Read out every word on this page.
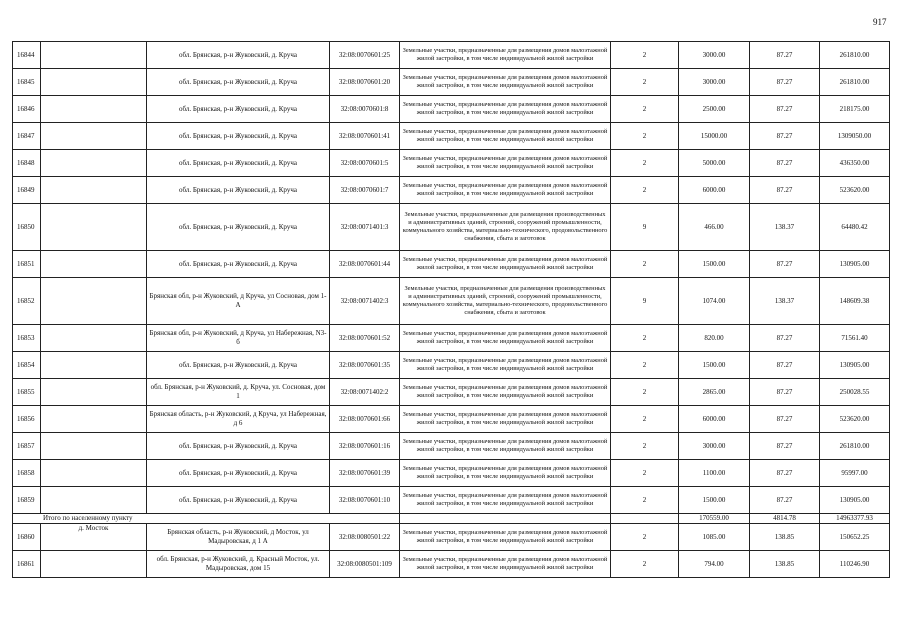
917
16844		обл. Брянская, р-н Жуковский, д. Круча	32:08:0070601:25	Земельные участки, предназначенные для размещения домов малоэтажной жилой застройки, в том числе индивидуальной жилой застройки	2	3000.00	87.27	261810.00
16845		обл. Брянская, р-н Жуковский, д. Круча	32:08:0070601:20	Земельные участки, предназначенные для размещения домов малоэтажной жилой застройки, в том числе индивидуальной жилой застройки	2	3000.00	87.27	261810.00
16846		обл. Брянская, р-н Жуковский, д. Круча	32:08:0070601:8	Земельные участки, предназначенные для размещения домов малоэтажной жилой застройки, в том числе индивидуальной жилой застройки	2	2500.00	87.27	218175.00
16847		обл. Брянская, р-н Жуковский, д. Круча	32:08:0070601:41	Земельные участки, предназначенные для размещения домов малоэтажной жилой застройки, в том числе индивидуальной жилой застройки	2	15000.00	87.27	1309050.00
16848		обл. Брянская, р-н Жуковский, д. Круча	32:08:0070601:5	Земельные участки, предназначенные для размещения домов малоэтажной жилой застройки, в том числе индивидуальной жилой застройки	2	5000.00	87.27	436350.00
16849		обл. Брянская, р-н Жуковский, д. Круча	32:08:0070601:7	Земельные участки, предназначенные для размещения домов малоэтажной жилой застройки, в том числе индивидуальной жилой застройки	2	6000.00	87.27	523620.00
16850		обл. Брянская, р-н Жуковский, д. Круча	32:08:0071401:3	Земельные участки, предназначенные для размещения производственных и административных зданий, строений, сооружений промышленности, коммунального хозяйства, материально-технического, продовольственного снабжения, сбыта и заготовок	9	466.00	138.37	64480.42
16851		обл. Брянская, р-н Жуковский, д. Круча	32:08:0070601:44	Земельные участки, предназначенные для размещения домов малоэтажной жилой застройки, в том числе индивидуальной жилой застройки	2	1500.00	87.27	130905.00
16852		Брянская обл, р-н Жуковский, д Круча, ул Сосновая, дом 1-А	32:08:0071402:3	Земельные участки, предназначенные для размещения производственных и административных зданий, строений, сооружений промышленности, коммунального хозяйства, материально-технического, продовольственного снабжения, сбыта и заготовок	9	1074.00	138.37	148609.38
16853		Брянская обл, р-н Жуковский, д Круча, ул Набережная, N3-б	32:08:0070601:52	Земельные участки, предназначенные для размещения домов малоэтажной жилой застройки, в том числе индивидуальной жилой застройки	2	820.00	87.27	71561.40
16854		обл. Брянская, р-н Жуковский, д. Круча	32:08:0070601:35	Земельные участки, предназначенные для размещения домов малоэтажной жилой застройки, в том числе индивидуальной жилой застройки	2	1500.00	87.27	130905.00
16855		обл. Брянская, р-н Жуковский, д. Круча, ул. Сосновая, дом 1	32:08:0071402:2	Земельные участки, предназначенные для размещения домов малоэтажной жилой застройки, в том числе индивидуальной жилой застройки	2	2865.00	87.27	250028.55
16856		Брянская область, р-н Жуковский, д Круча, ул Набережная, д 6	32:08:0070601:66	Земельные участки, предназначенные для размещения домов малоэтажной жилой застройки, в том числе индивидуальной жилой застройки	2	6000.00	87.27	523620.00
16857		обл. Брянская, р-н Жуковский, д. Круча	32:08:0070601:16	Земельные участки, предназначенные для размещения домов малоэтажной жилой застройки, в том числе индивидуальной жилой застройки	2	3000.00	87.27	261810.00
16858		обл. Брянская, р-н Жуковский, д. Круча	32:08:0070601:39	Земельные участки, предназначенные для размещения домов малоэтажной жилой застройки, в том числе индивидуальной жилой застройки	2	1100.00	87.27	95997.00
16859		обл. Брянская, р-н Жуковский, д. Круча	32:08:0070601:10	Земельные участки, предназначенные для размещения домов малоэтажной жилой застройки, в том числе индивидуальной жилой застройки	2	1500.00	87.27	130905.00
Итого по населенному пункту						170559.00	4814.78	14963377.93
16860	д. Мосток	Брянская область, р-н Жуковский, д Мосток, ул Мадыровская, д 1 А	32:08:0080501:22	Земельные участки, предназначенные для размещения домов малоэтажной жилой застройки, в том числе индивидуальной жилой застройки	2	1085.00	138.85	150652.25
16861		обл. Брянская, р-н Жуковский, д. Красный Мосток, ул. Мадыровская, дом 15	32:08:0080501:109	Земельные участки, предназначенные для размещения домов малоэтажной жилой застройки, в том числе индивидуальной жилой застройки	2	794.00	138.85	110246.90
